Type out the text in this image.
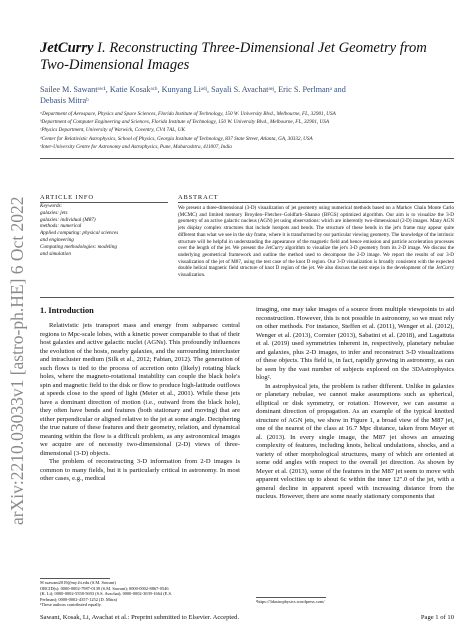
arXiv:2210.03033v1 [astro-ph.HE] 6 Oct 2022
JetCurry I. Reconstructing Three-Dimensional Jet Geometry from
Two-Dimensional Images
Sailee M. Sawantᵃʷ¹, Katie Kosakᵃᶜʰ, Kunyang Liᵃᵈʲ, Sayali S. Avachatᵃᵉʲ, Eric S. Perlmanᵃ and
Debasis Mitraᵇ
ᵃDepartment of Aerospace, Physics and Space Sciences, Florida Institute of Technology, 150 W. University Blvd., Melbourne, FL, 32901, USA
ᵇDepartment of Computer Engineering and Sciences, Florida Institute of Technology, 150 W. University Blvd., Melbourne, FL, 32901, USA
ᶜPhysics Department, University of Warwick, Coventry, CV4 7AL, UK
ᵈCenter for Relativistic Astrophysics, School of Physics, Georgia Institute of Technology, 837 State Street, Atlanta, GA, 30332, USA
ᵉInter-University Centre for Astronomy and Astrophysics, Pune, Maharashtra, 411007, India
ARTICLE INFO
Keywords:
galaxies: jets
galaxies: individual (M87)
methods: numerical
Applied computing: physical sciences
and engineering
Computing methodologies: modeling
and simulation
ABSTRACT
We present a three-dimensional (3-D) visualization of jet geometry using numerical methods based on a Markov Chain Monte Carlo (MCMC) and limited memory Broyden–Fletcher–Goldfarb–Shanno (BFGS) optimized algorithm. Our aim is to visualize the 3-D geometry of an active galactic nucleus (AGN) jet using observations: which are inherently two-dimensional (2-D) images. Many AGN jets display complex structures that include hotspots and bends. The structure of these bends in the jet's frame may appear quite different than what we see in the sky frame, where it is transformed by our particular viewing geometry. The knowledge of the intrinsic structure will be helpful in understanding the appearance of the magnetic field and hence emission and particle acceleration processes over the length of the jet. We present the JetCurry algorithm to visualize the jet's 3-D geometry from its 2-D image. We discuss the underlying geometrical framework and outline the method used to decompose the 2-D image. We report the results of our 3-D visualization of the jet of M87, using the test case of the knot D region. Our 3-D visualization is broadly consistent with the expected double helical magnetic field structure of knot D region of the jet. We also discuss the next steps in the development of the JetCurry visualization.
1. Introduction

Relativistic jets transport mass and energy from subparsec central regions to Mpc-scale lobes, with a kinetic power comparable to that of their host galaxies and active galactic nuclei (AGNs). This profoundly influences the evolution of the hosts, nearby galaxies, and the surrounding intercluster and intracluster medium (Silk et al., 2012; Fabian, 2012). The generation of such flows is tied to the process of accretion onto (likely) rotating black holes, where the magneto-rotational instability can couple the black hole's spin and magnetic field to the disk or flow to produce high-latitude outflows at speeds close to the speed of light (Meier et al., 2001). While these jets have a dominant direction of motion (i.e., outward from the black hole), they often have bends and features (both stationary and moving) that are either perpendicular or aligned relative to the jet at some angle. Deciphering the true nature of these features and their geometry, relation, and dynamical meaning within the flow is a difficult problem, as any astronomical images we acquire are of necessity two-dimensional (2-D) views of three-dimensional (3-D) objects.

The problem of reconstructing 3-D information from 2-D images is common to many fields, but it is particularly critical in astronomy. In most other cases, e.g., medical

imaging, one may take images of a source from multiple viewpoints to aid reconstruction. However, this is not possible in astronomy, so we must rely on other methods. For instance, Steffen et al. (2011), Wenger et al. (2012), Wenger et al. (2013), Cormier (2013), Sabatini et al. (2018), and Lagattuta et al. (2019) used symmetries inherent in, respectively, planetary nebulae and galaxies, plus 2-D images, to infer and reconstruct 3-D visualizations of these objects. This field is, in fact, rapidly growing in astronomy, as can be seen by the vast number of subjects explored on the 3DAstrophysics blog².

In astrophysical jets, the problem is rather different. Unlike in galaxies or planetary nebulae, we cannot make assumptions such as spherical, elliptical or disk symmetry, or rotation. However, we can assume a dominant direction of propagation. As an example of the typical knotted structure of AGN jets, we show in Figure 1, a broad view of the M87 jet, one of the nearest of the class at 16.7 Mpc distance, taken from Meyer et al. (2013). In every single image, the M87 jet shows an amazing complexity of features, including knots, helical undulations, shocks, and a variety of other morphological structures, many of which are oriented at some odd angles with respect to the overall jet direction. As shown by Meyer et al. (2013), some of the features in the M87 jet seem to move with apparent velocities up to about 6c within the inner 12″.0 of the jet, with a general decline in apparent speed with increasing distance from the nucleus. However, there are some nearly stationary components that

✉ ssawant2019@my.fit.edu (S.M. Sawant)
ORCID(s): 0000-0002-7987-0139 (S.M. Sawant); 0000-0002-8867-0546
(K. Li); 0000-0002-5558-5693 (S.S. Avachat); 0000-0002-3039-1664 (E.S.
Perlman); 0000-0002-4357-1252 (D. Mitra)
¹These authors contributed equally.
²https://3dastrophysics.wordpress.com/
Sawant, Kosak, Li, Avachat et al.: Preprint submitted to Elsevier. Accepted.	Page 1 of 10
